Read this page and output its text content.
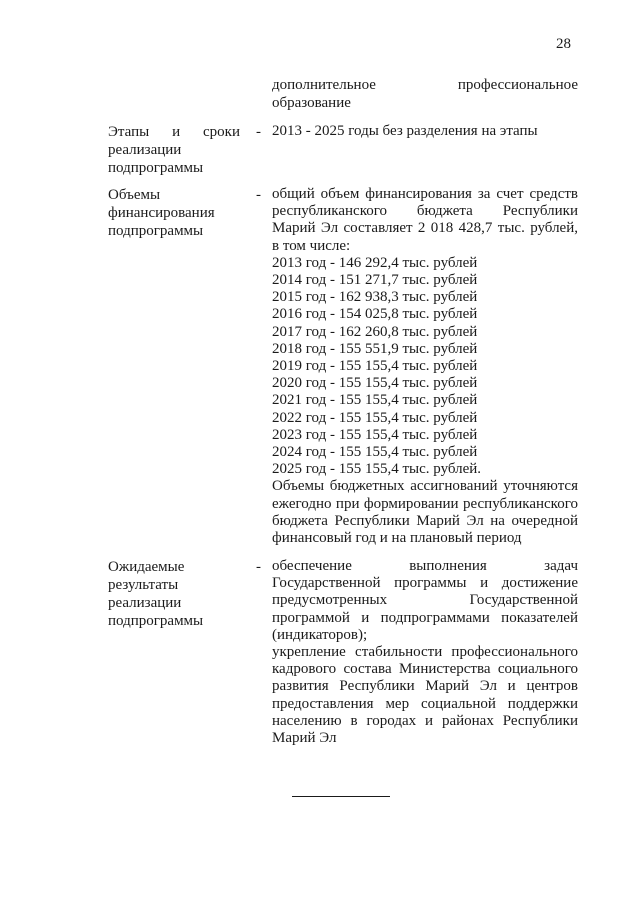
28
дополнительное	профессиональное
образование
Этапы и сроки
реализации
подпрограммы
- 2013 - 2025 годы без разделения на этапы
Объемы
финансирования
подпрограммы
- общий объем финансирования за счет средств
республиканского бюджета Республики
Марий Эл составляет 2 018 428,7 тыс. рублей,
в том числе:
2013 год - 146 292,4 тыс. рублей
2014 год - 151 271,7 тыс. рублей
2015 год - 162 938,3 тыс. рублей
2016 год - 154 025,8 тыс. рублей
2017 год - 162 260,8 тыс. рублей
2018 год - 155 551,9 тыс. рублей
2019 год - 155 155,4 тыс. рублей
2020 год - 155 155,4 тыс. рублей
2021 год - 155 155,4 тыс. рублей
2022 год - 155 155,4 тыс. рублей
2023 год - 155 155,4 тыс. рублей
2024 год - 155 155,4 тыс. рублей
2025 год - 155 155,4 тыс. рублей.
Объемы бюджетных ассигнований уточняются
ежегодно при формировании республиканского
бюджета Республики Марий Эл на очередной
финансовый год и на плановый период
Ожидаемые
результаты
реализации
подпрограммы
- обеспечение выполнения задач
Государственной программы и достижение
предусмотренных Государственной
программой и подпрограммами показателей
(индикаторов);
укрепление стабильности профессионального
кадрового состава Министерства социального
развития Республики Марий Эл и центров
предоставления мер социальной поддержки
населению в городах и районах Республики
Марий Эл
